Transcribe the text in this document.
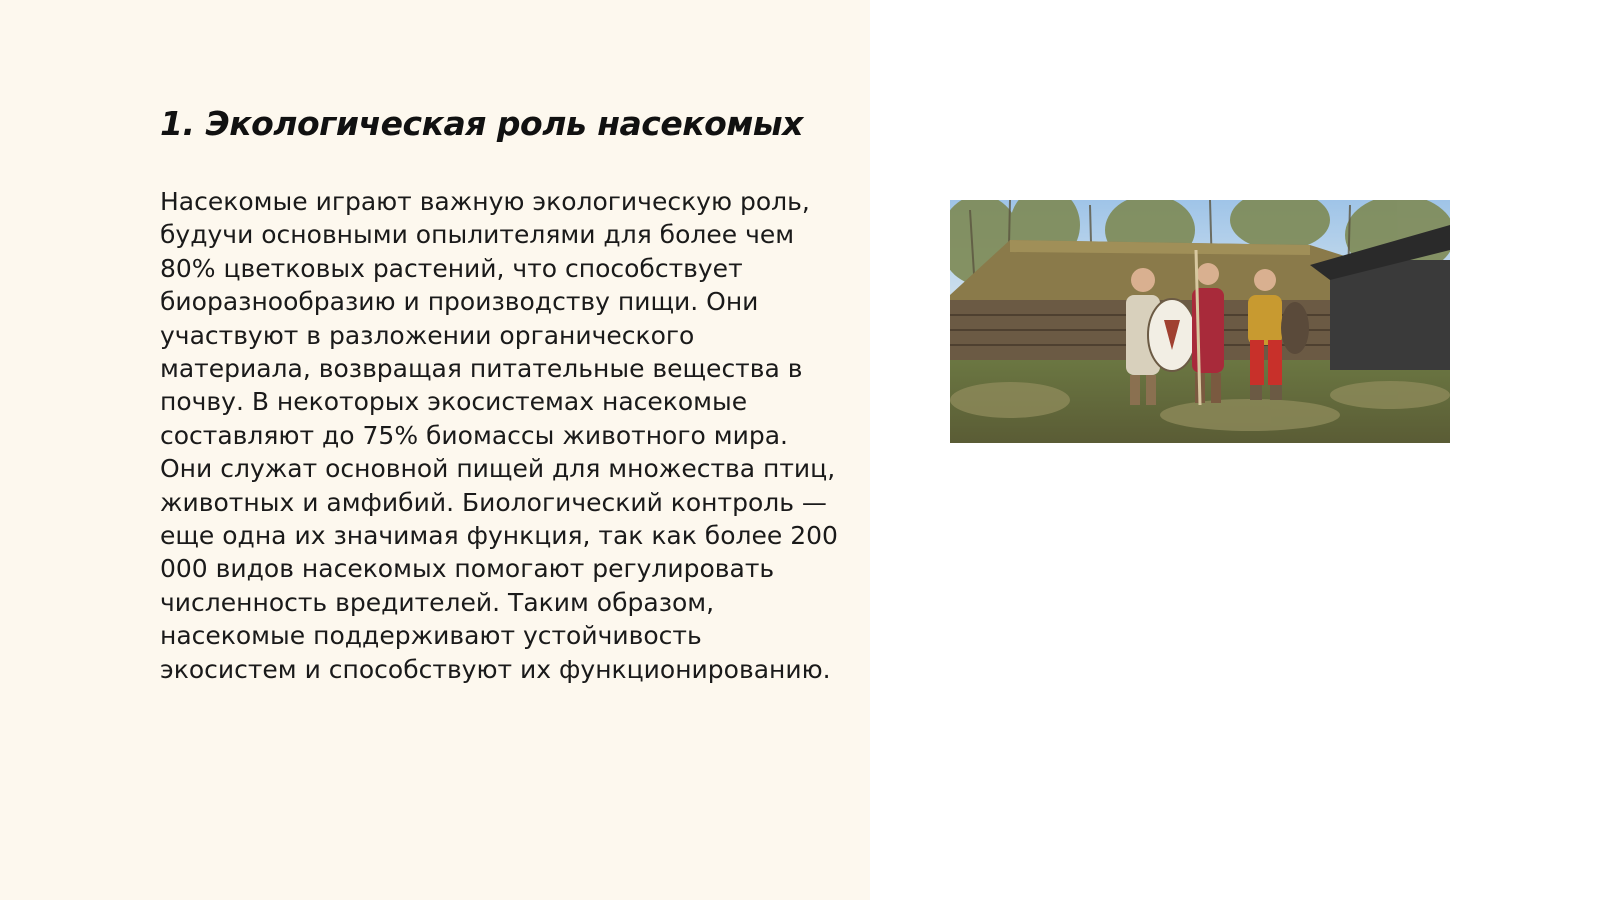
1. Экологическая роль насекомых

Насекомые играют важную экологическую роль, будучи основными опылителями для более чем 80% цветковых растений, что способствует биоразнообразию и производству пищи. Они участвуют в разложении органического материала, возвращая питательные вещества в почву. В некоторых экосистемах насекомые составляют до 75% биомассы животного мира. Они служат основной пищей для множества птиц, животных и амфибий. Биологический контроль — еще одна их значимая функция, так как более 200 000 видов насекомых помогают регулировать численность вредителей. Таким образом, насекомые поддерживают устойчивость экосистем и способствуют их функционированию.
